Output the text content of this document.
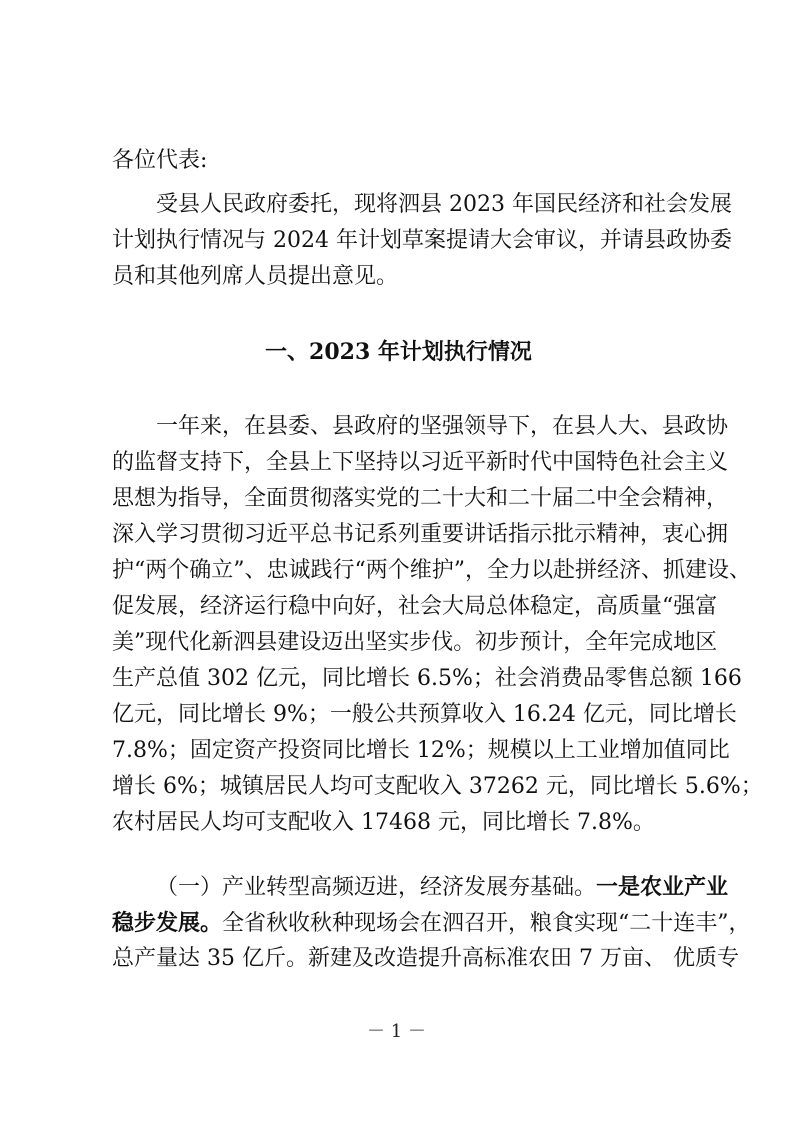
各位代表:
受县人民政府委托，现将泗县 2023 年国民经济和社会发展
计划执行情况与 2024 年计划草案提请大会审议，并请县政协委
员和其他列席人员提出意见。
一、2023 年计划执行情况
一年来，在县委、县政府的坚强领导下，在县人大、县政协
的监督支持下，全县上下坚持以习近平新时代中国特色社会主义
思想为指导，全面贯彻落实党的二十大和二十届二中全会精神，
深入学习贯彻习近平总书记系列重要讲话指示批示精神，衷心拥
护“两个确立”、忠诚践行“两个维护”，全力以赴拼经济、抓建设、
促发展，经济运行稳中向好，社会大局总体稳定，高质量“强富
美”现代化新泗县建设迈出坚实步伐。初步预计，全年完成地区
生产总值 302 亿元，同比增长 6.5%；社会消费品零售总额 166
亿元，同比增长 9%；一般公共预算收入 16.24 亿元，同比增长
7.8%；固定资产投资同比增长 12%；规模以上工业增加值同比
增长 6%；城镇居民人均可支配收入 37262 元，同比增长 5.6%；
农村居民人均可支配收入 17468 元，同比增长 7.8%。
（一）产业转型高频迈进，经济发展夯基础。一是农业产业
稳步发展。全省秋收秋种现场会在泗召开，粮食实现“二十连丰”，
总产量达 35 亿斤。新建及改造提升高标准农田 7 万亩、 优质专
－ 1 －
